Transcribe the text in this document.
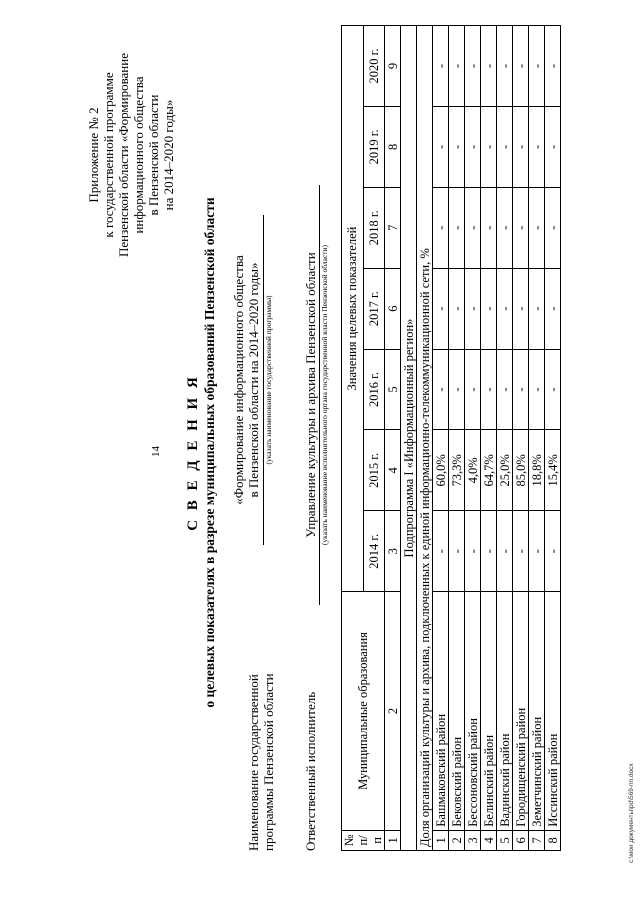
14
Приложение № 2 к государственной программе Пензенской области «Формирование информационного общества в Пензенской области на 2014–2020 годы»
С В Е Д Е Н И Я о целевых показателях в разрезе муниципальных образований Пензенской области
Наименование государственной программы Пензенской области
«Формирование информационного общества в Пензенской области на 2014–2020 годы» (указать наименование государственной программы)
Ответственный исполнитель
Управление культуры и архива Пензенской области (указать наименование исполнительного органа государственной власти Пензенской области)
№ п/п	Муниципальные образования	Значения целевых показателей						
		2014 г.	2015 г.	2016 г.	2017 г.	2018 г.	2019 г.	2020 г.
1	2	3	4	5	6	7	8	9
Подпрограмма I «Информационный регион»								
Доля организаций культуры и архива, подключенных к единой информационно-телекоммуникационной сети, %								
1	Башмаковский район	-	60,0%	-	-	-	-	-
2	Бековский район	-	73,3%	-	-	-	-	-
3	Бессоновский район	-	4,0%	-	-	-	-	-
4	Белинский район	-	64,7%	-	-	-	-	-
5	Вадинский район	-	25,0%	-	-	-	-	-
6	Городищенский район	-	85,0%	-	-	-	-	-
7	Земетчинский район	-	18,8%	-	-	-	-	-
8	Иссинский район	-	15,4%	-	-	-	-	-
c:\мои документы\рd\569-пп.docx
